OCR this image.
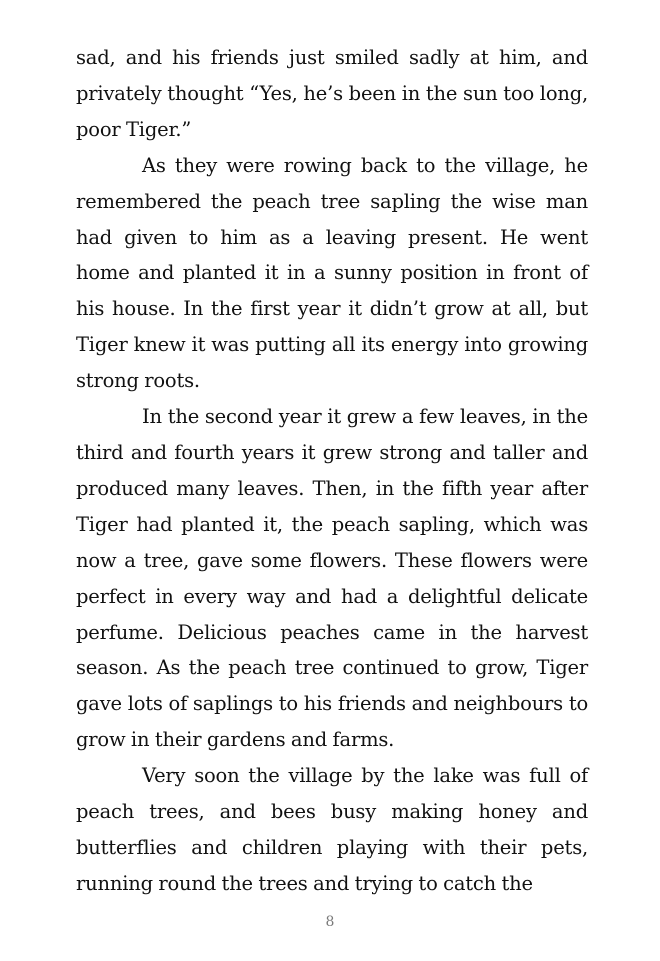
sad, and his friends just smiled sadly at him, and privately thought “Yes, he’s been in the sun too long, poor Tiger.”

As they were rowing back to the village, he remembered the peach tree sapling the wise man had given to him as a leaving present. He went home and planted it in a sunny position in front of his house. In the first year it didn’t grow at all, but Tiger knew it was putting all its energy into growing strong roots.

In the second year it grew a few leaves, in the third and fourth years it grew strong and taller and produced many leaves. Then, in the fifth year after Tiger had planted it, the peach sapling, which was now a tree, gave some flowers. These flowers were perfect in every way and had a delightful delicate perfume. Delicious peaches came in the harvest season. As the peach tree continued to grow, Tiger gave lots of saplings to his friends and neighbours to grow in their gardens and farms.

Very soon the village by the lake was full of peach trees, and bees busy making honey and butterflies and children playing with their pets, running round the trees and trying to catch the

8
